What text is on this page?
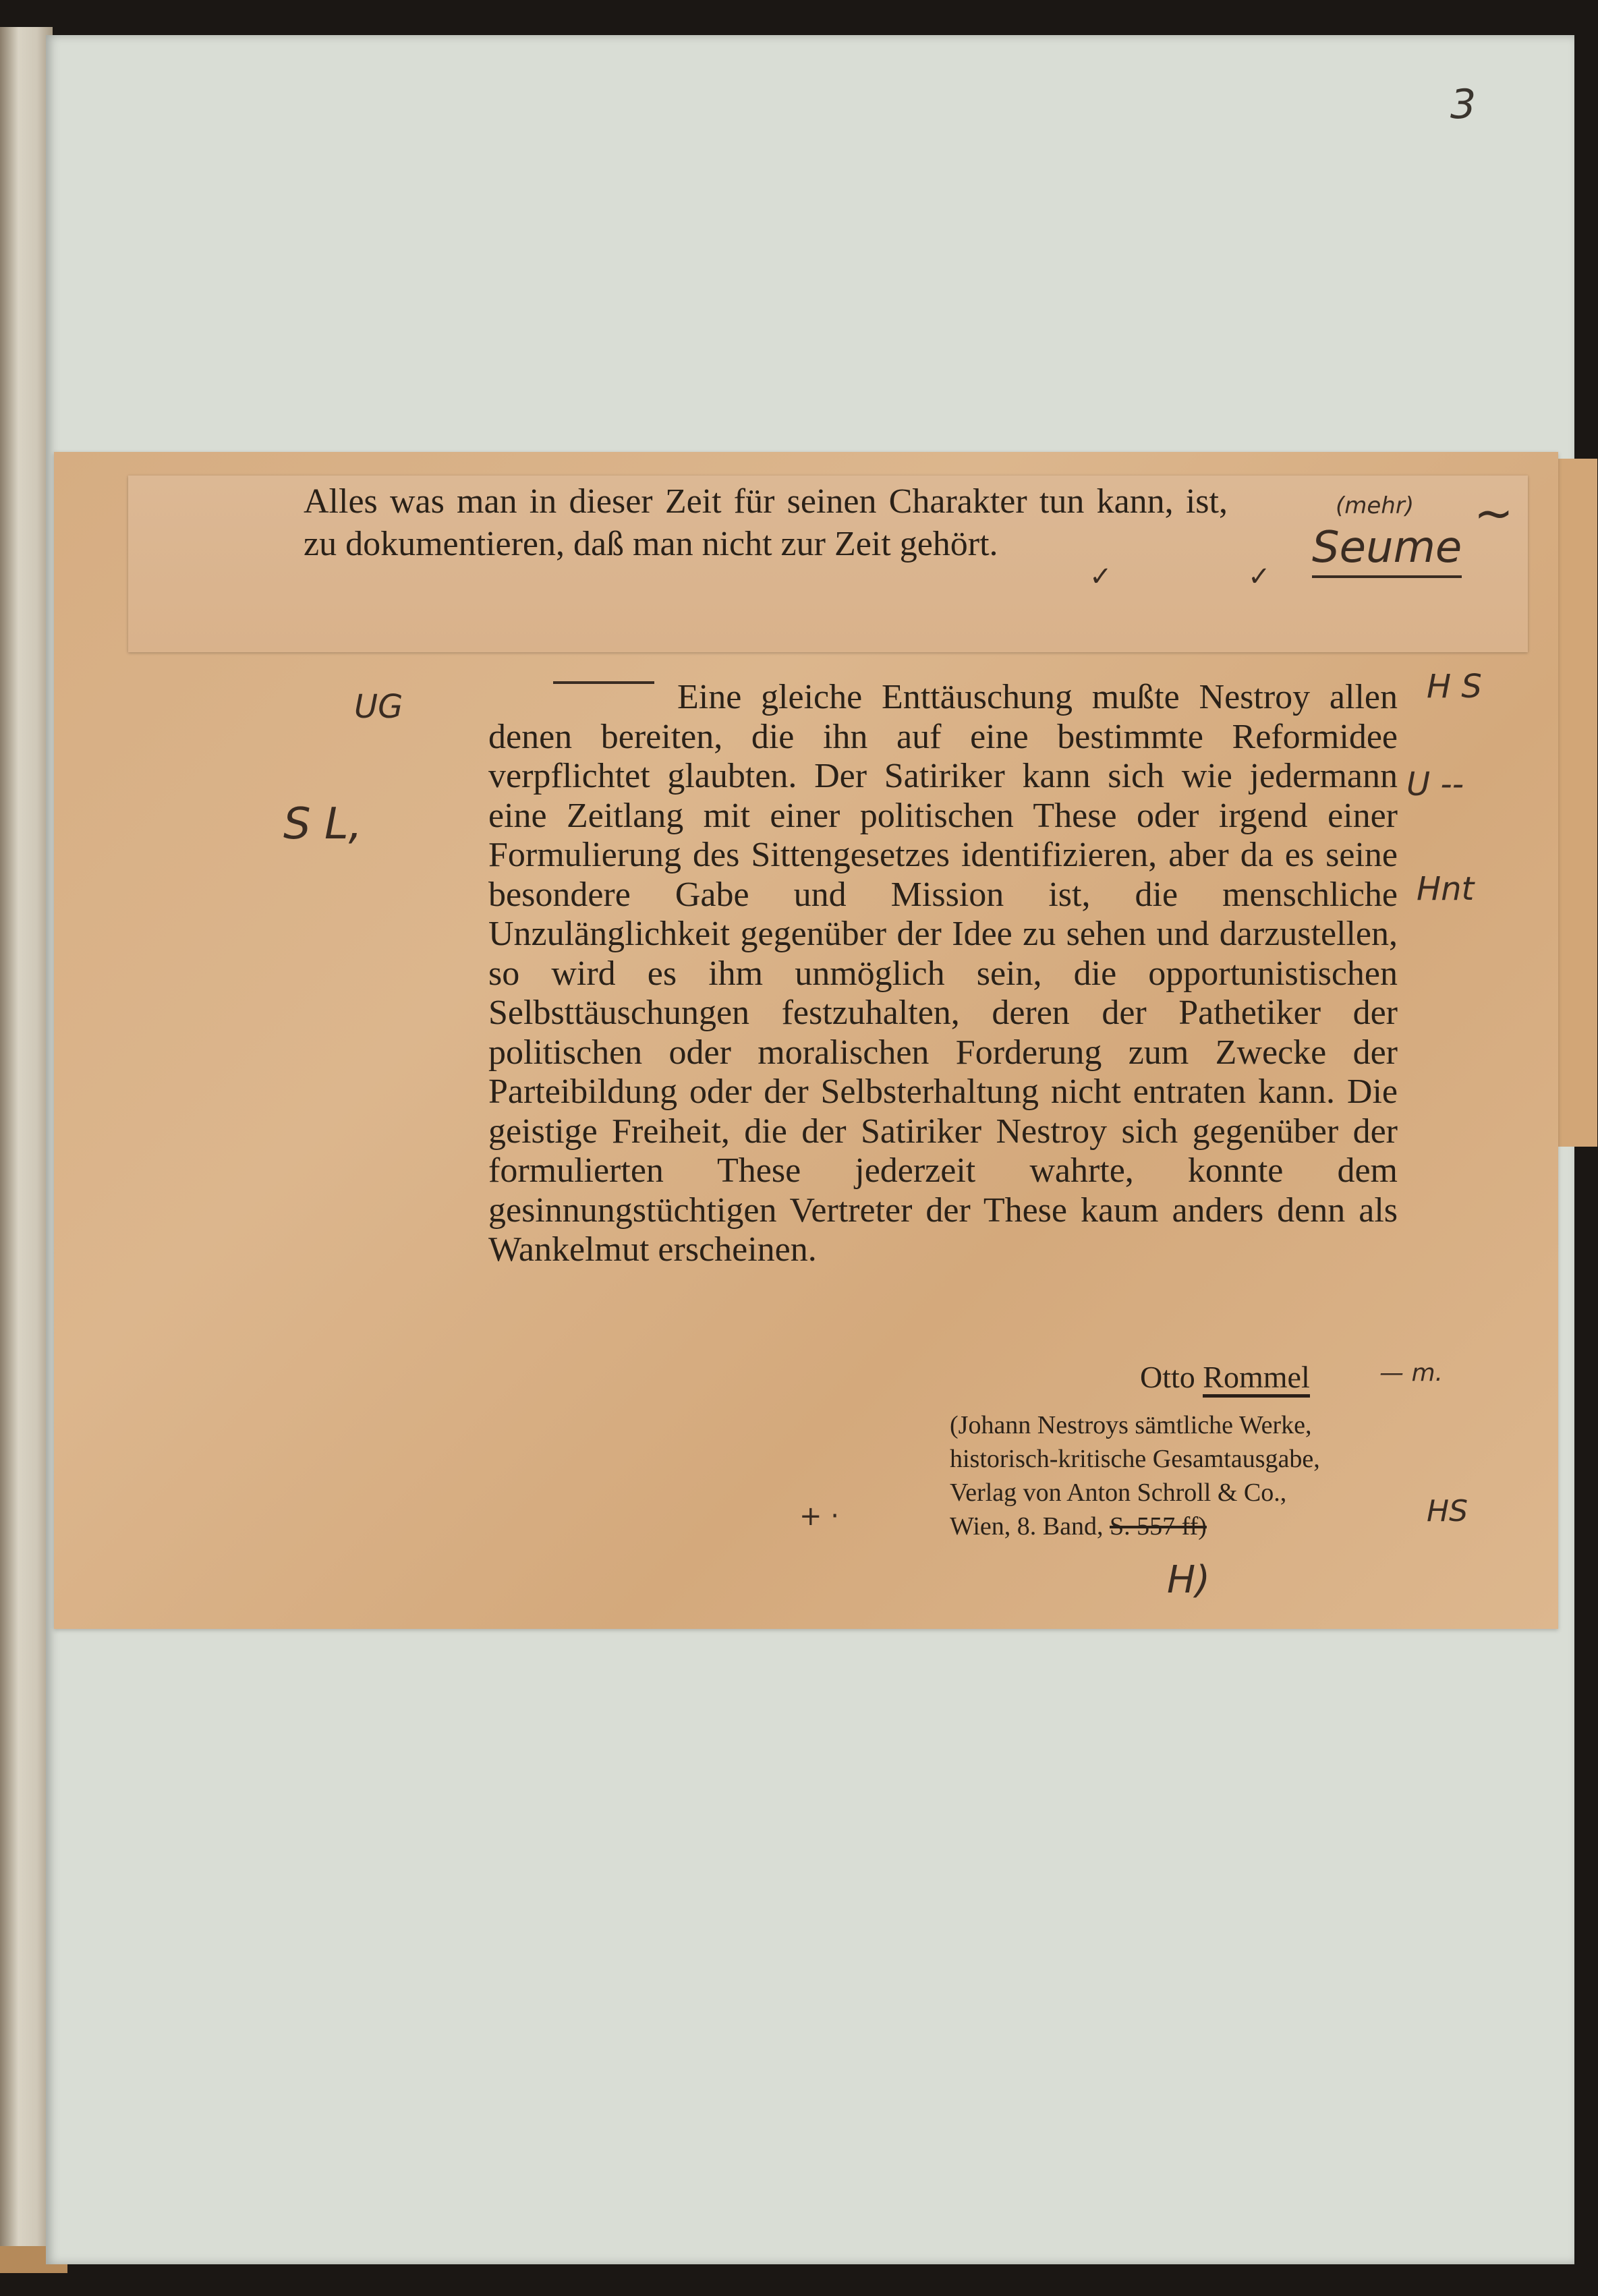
3
Alles was man in dieser Zeit für seinen Charakter tun kann, ist, zu dokumentieren, daß man nicht zur Zeit gehört.

Eine gleiche Enttäuschung mußte Nestroy allen denen bereiten, die ihn auf eine bestimmte Reformidee verpflichtet glaubten. Der Satiriker kann sich wie jedermann eine Zeitlang mit einer politischen These oder irgend einer Formulierung des Sittengesetzes identifizieren, aber da es seine besondere Gabe und Mission ist, die menschliche Unzulänglichkeit gegenüber der Idee zu sehen und darzustellen, so wird es ihm unmöglich sein, die opportunistischen Selbsttäuschungen festzuhalten, deren der Pathetiker der politischen oder moralischen Forderung zum Zwecke der Parteibildung oder der Selbsterhaltung nicht entraten kann. Die geistige Freiheit, die der Satiriker Nestroy sich gegenüber der formulierten These jederzeit wahrte, konnte dem gesinnungstüchtigen Vertreter der These kaum anders denn als Wankelmut erscheinen.

Otto Rommel
(Johann Nestroys sämtliche Werke,
historisch-kritische Gesamtausgabe,
Verlag von Anton Schroll & Co.,
Wien, 8. Band, S. 557 ff)
(mehr)
Seume
✓	✓
~
UG
S L,
H S
U --
Hnt
HS
H)
— m.
+ ·
